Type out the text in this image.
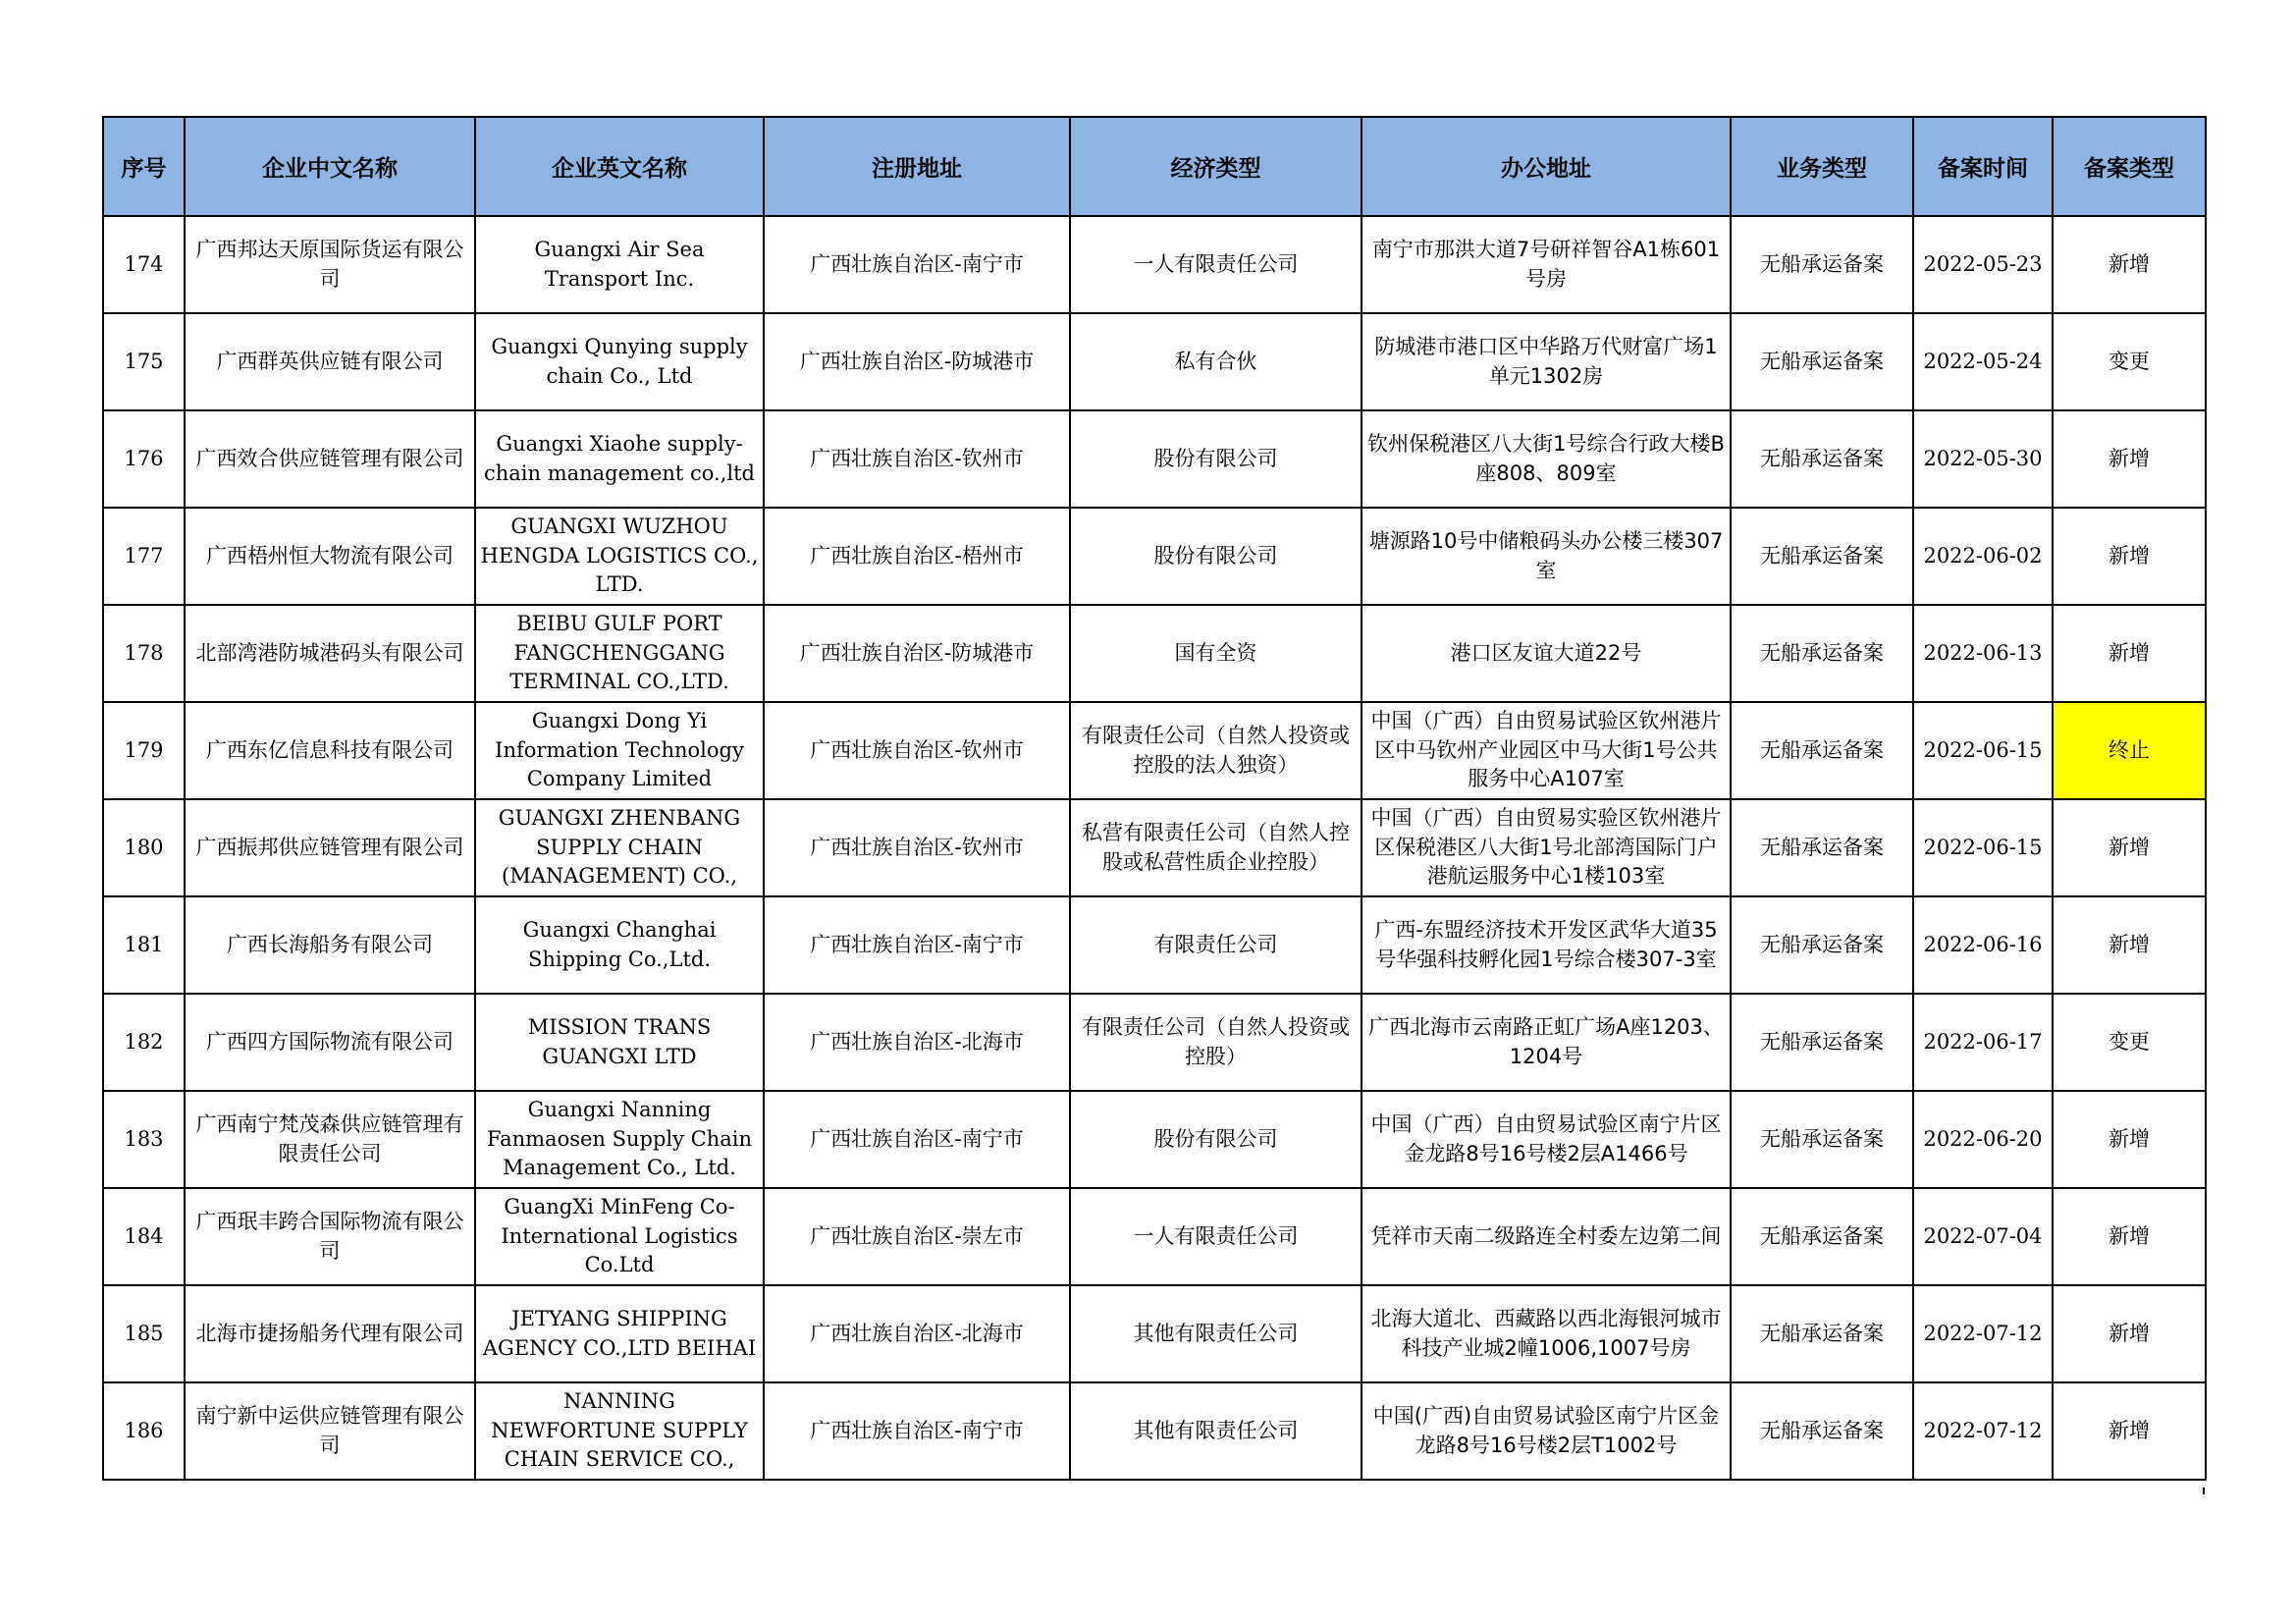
序号	企业中文名称	企业英文名称	注册地址	经济类型	办公地址	业务类型	备案时间	备案类型
174	广西邦达天原国际货运有限公司	Guangxi Air Sea Transport Inc.	广西壮族自治区-南宁市	一人有限责任公司	南宁市那洪大道7号研祥智谷A1栋601号房	无船承运备案	2022-05-23	新增
175	广西群英供应链有限公司	Guangxi Qunying supply chain Co., Ltd	广西壮族自治区-防城港市	私有合伙	防城港市港口区中华路万代财富广场1单元1302房	无船承运备案	2022-05-24	变更
176	广西效合供应链管理有限公司	Guangxi Xiaohe supply-chain management co.,ltd	广西壮族自治区-钦州市	股份有限公司	钦州保税港区八大街1号综合行政大楼B座808、809室	无船承运备案	2022-05-30	新增
177	广西梧州恒大物流有限公司	GUANGXI WUZHOU HENGDA LOGISTICS CO., LTD.	广西壮族自治区-梧州市	股份有限公司	塘源路10号中储粮码头办公楼三楼307室	无船承运备案	2022-06-02	新增
178	北部湾港防城港码头有限公司	BEIBU GULF PORT FANGCHENGGANG TERMINAL CO.,LTD.	广西壮族自治区-防城港市	国有全资	港口区友谊大道22号	无船承运备案	2022-06-13	新增
179	广西东亿信息科技有限公司	Guangxi Dong Yi Information Technology Company Limited	广西壮族自治区-钦州市	有限责任公司（自然人投资或控股的法人独资）	中国（广西）自由贸易试验区钦州港片区中马钦州产业园区中马大街1号公共服务中心A107室	无船承运备案	2022-06-15	终止
180	广西振邦供应链管理有限公司	GUANGXI ZHENBANG SUPPLY CHAIN (MANAGEMENT) CO.,	广西壮族自治区-钦州市	私营有限责任公司（自然人控股或私营性质企业控股）	中国（广西）自由贸易实验区钦州港片区保税港区八大街1号北部湾国际门户港航运服务中心1楼103室	无船承运备案	2022-06-15	新增
181	广西长海船务有限公司	Guangxi Changhai Shipping Co.,Ltd.	广西壮族自治区-南宁市	有限责任公司	广西-东盟经济技术开发区武华大道35号华强科技孵化园1号综合楼307-3室	无船承运备案	2022-06-16	新增
182	广西四方国际物流有限公司	MISSION TRANS GUANGXI LTD	广西壮族自治区-北海市	有限责任公司（自然人投资或控股）	广西北海市云南路正虹广场A座1203、1204号	无船承运备案	2022-06-17	变更
183	广西南宁梵茂森供应链管理有限责任公司	Guangxi Nanning Fanmaosen Supply Chain Management Co., Ltd.	广西壮族自治区-南宁市	股份有限公司	中国（广西）自由贸易试验区南宁片区金龙路8号16号楼2层A1466号	无船承运备案	2022-06-20	新增
184	广西珉丰跨合国际物流有限公司	GuangXi MinFeng Co-International Logistics Co.Ltd	广西壮族自治区-崇左市	一人有限责任公司	凭祥市天南二级路连全村委左边第二间	无船承运备案	2022-07-04	新增
185	北海市捷扬船务代理有限公司	JETYANG SHIPPING AGENCY CO.,LTD BEIHAI	广西壮族自治区-北海市	其他有限责任公司	北海大道北、西藏路以西北海银河城市科技产业城2幢1006,1007号房	无船承运备案	2022-07-12	新增
186	南宁新中运供应链管理有限公司	NANNING NEWFORTUNE SUPPLY CHAIN SERVICE CO.,	广西壮族自治区-南宁市	其他有限责任公司	中国(广西)自由贸易试验区南宁片区金龙路8号16号楼2层T1002号	无船承运备案	2022-07-12	新增
